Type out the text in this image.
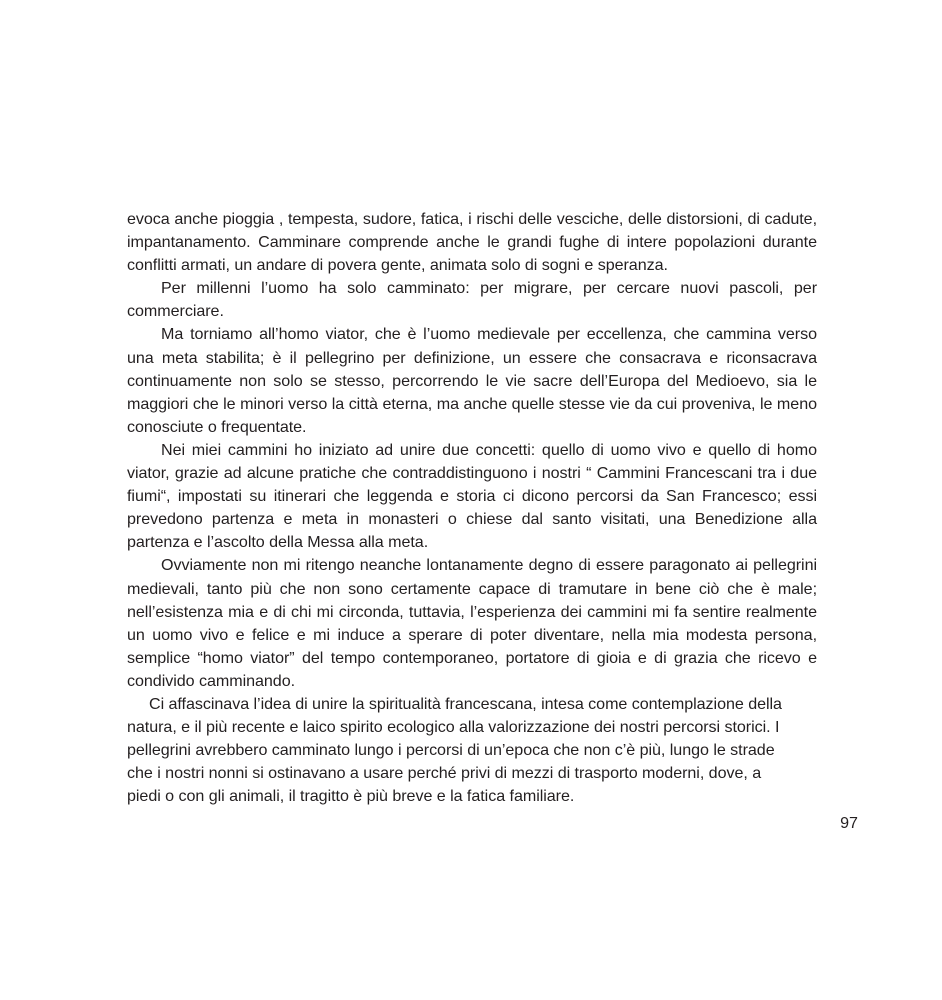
evoca anche pioggia , tempesta, sudore, fatica, i rischi delle vesciche, delle distorsioni, di cadute, impantanamento. Camminare comprende anche le grandi fughe di intere popolazioni durante conflitti armati, un andare di povera gente, animata solo di sogni e speranza.

Per millenni l’uomo ha solo camminato: per migrare, per cercare nuovi pascoli, per commerciare.

Ma torniamo all’homo viator, che è l’uomo medievale per eccellenza, che cammina verso una meta stabilita; è il pellegrino per definizione, un essere che consacrava e riconsacrava continuamente non solo se stesso, percorrendo le vie sacre dell’Europa del Medioevo, sia le maggiori che le minori verso la città eterna, ma anche quelle stesse vie da cui proveniva, le meno conosciute o frequentate.

Nei miei cammini ho iniziato ad unire due concetti: quello di uomo vivo e quello di homo viator, grazie ad alcune pratiche che contraddistinguono i nostri “ Cammini Francescani tra i due fiumi“, impostati su itinerari che leggenda e storia ci dicono percorsi da San Francesco; essi prevedono partenza e meta in monasteri o chiese dal santo visitati, una Benedizione alla partenza e l’ascolto della Messa alla meta.

Ovviamente non mi ritengo neanche lontanamente degno di essere paragonato ai pellegrini medievali, tanto più che non sono certamente capace di tramutare in bene ciò che è male; nell’esistenza mia e di chi mi circonda, tuttavia, l’esperienza dei cammini mi fa sentire realmente un uomo vivo e felice e mi induce a sperare di poter diventare, nella mia modesta persona, semplice “homo viator” del tempo contemporaneo, portatore di gioia e di grazia che ricevo e condivido camminando.

Ci affascinava l’idea di unire la spiritualità francescana, intesa come contemplazione della natura, e il più recente e laico spirito ecologico alla valorizzazione dei nostri percorsi storici. I pellegrini avrebbero camminato lungo i percorsi di un’epoca che non c’è più, lungo le strade che i nostri nonni si ostinavano a usare perché privi di mezzi di trasporto moderni, dove, a piedi o con gli animali, il tragitto è più breve e la fatica familiare.

97
